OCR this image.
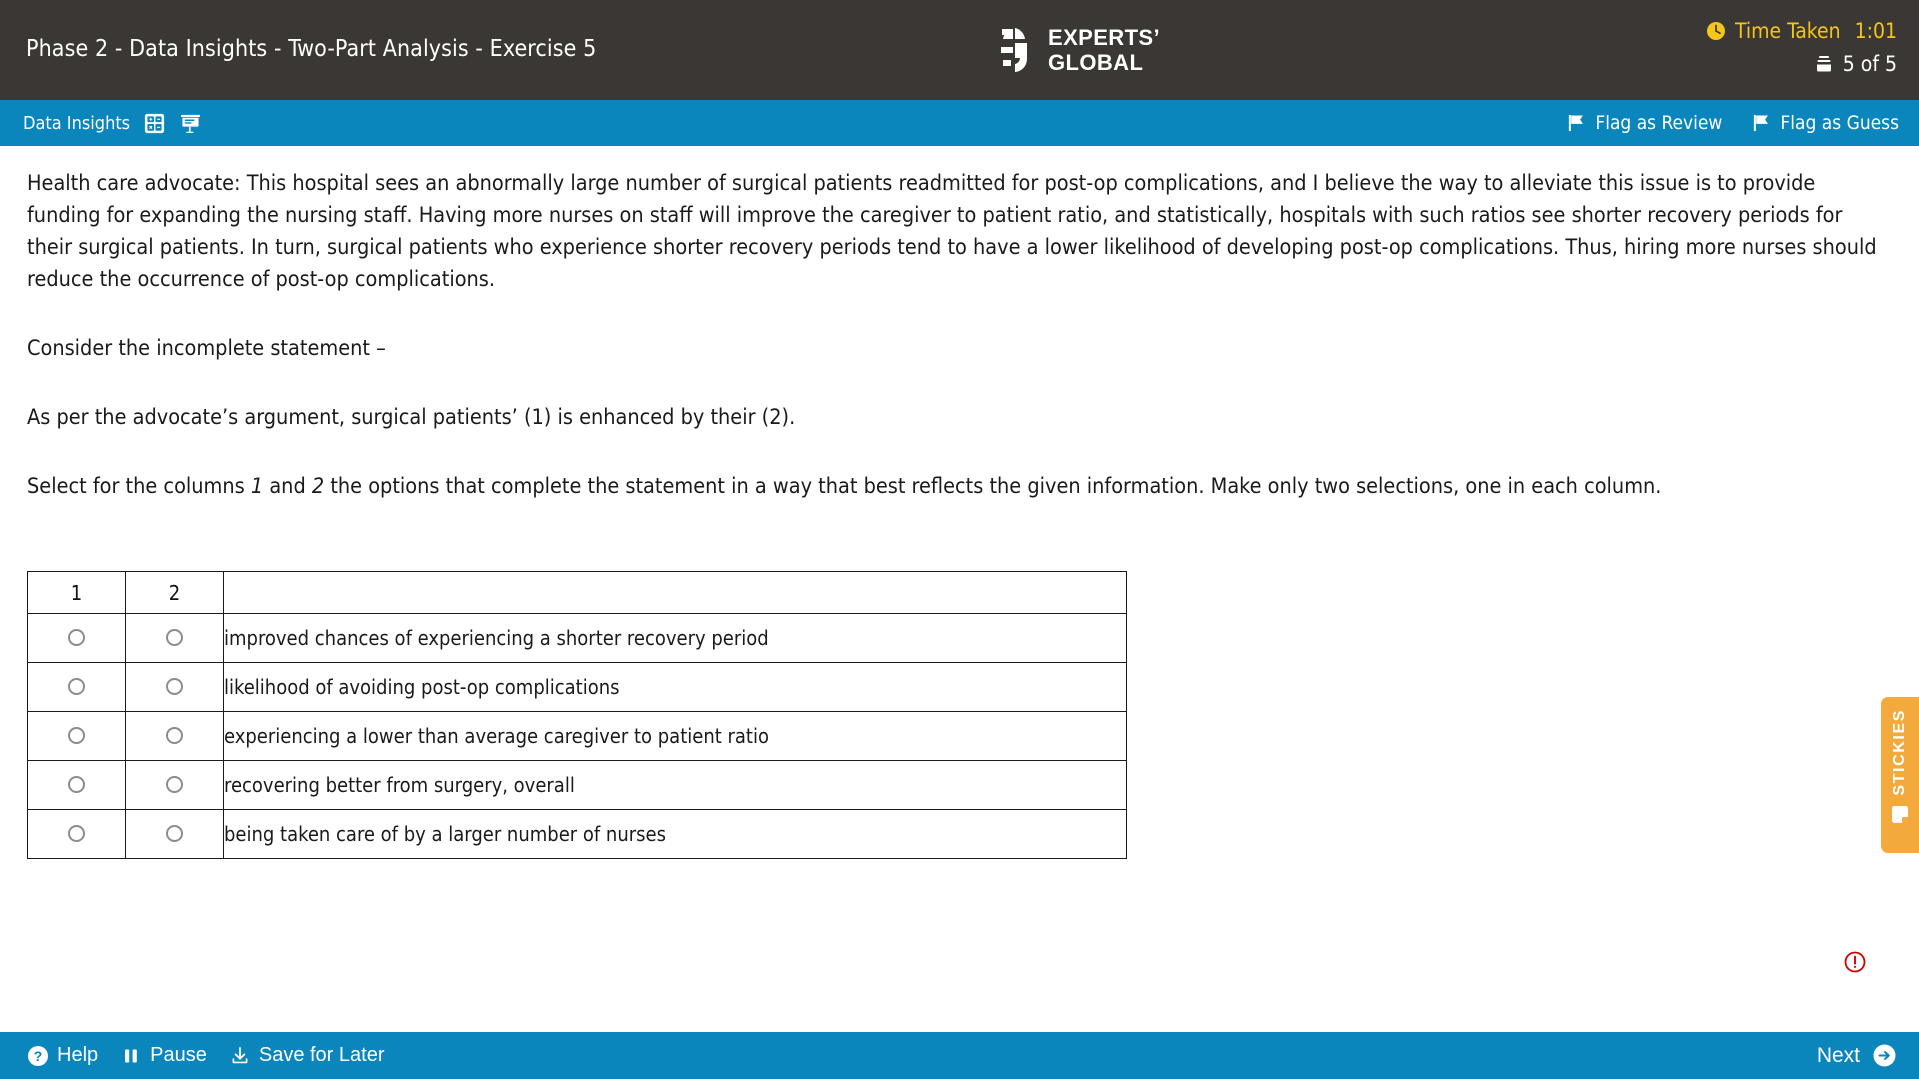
Phase 2 - Data Insights - Two-Part Analysis - Exercise 5	EXPERTS’
GLOBAL
Time Taken 1:01
5 of 5
Data Insights	Flag as Review	Flag as Guess

Health care advocate: This hospital sees an abnormally large number of surgical patients readmitted for post-op complications, and I believe the way to alleviate this issue is to provide funding for expanding the nursing staff. Having more nurses on staff will improve the caregiver to patient ratio, and statistically, hospitals with such ratios see shorter recovery periods for their surgical patients. In turn, surgical patients who experience shorter recovery periods tend to have a lower likelihood of developing post-op complications. Thus, hiring more nurses should reduce the occurrence of post-op complications.

Consider the incomplete statement –

As per the advocate’s argument, surgical patients’ (1) is enhanced by their (2).

Select for the columns 1 and 2 the options that complete the statement in a way that best reflects the given information. Make only two selections, one in each column.

1	2	
		improved chances of experiencing a shorter recovery period
		likelihood of avoiding post-op complications
		experiencing a lower than average caregiver to patient ratio
		recovering better from surgery, overall
		being taken care of by a larger number of nurses
STICKIES
? Help	Pause	Save for Later	Next
